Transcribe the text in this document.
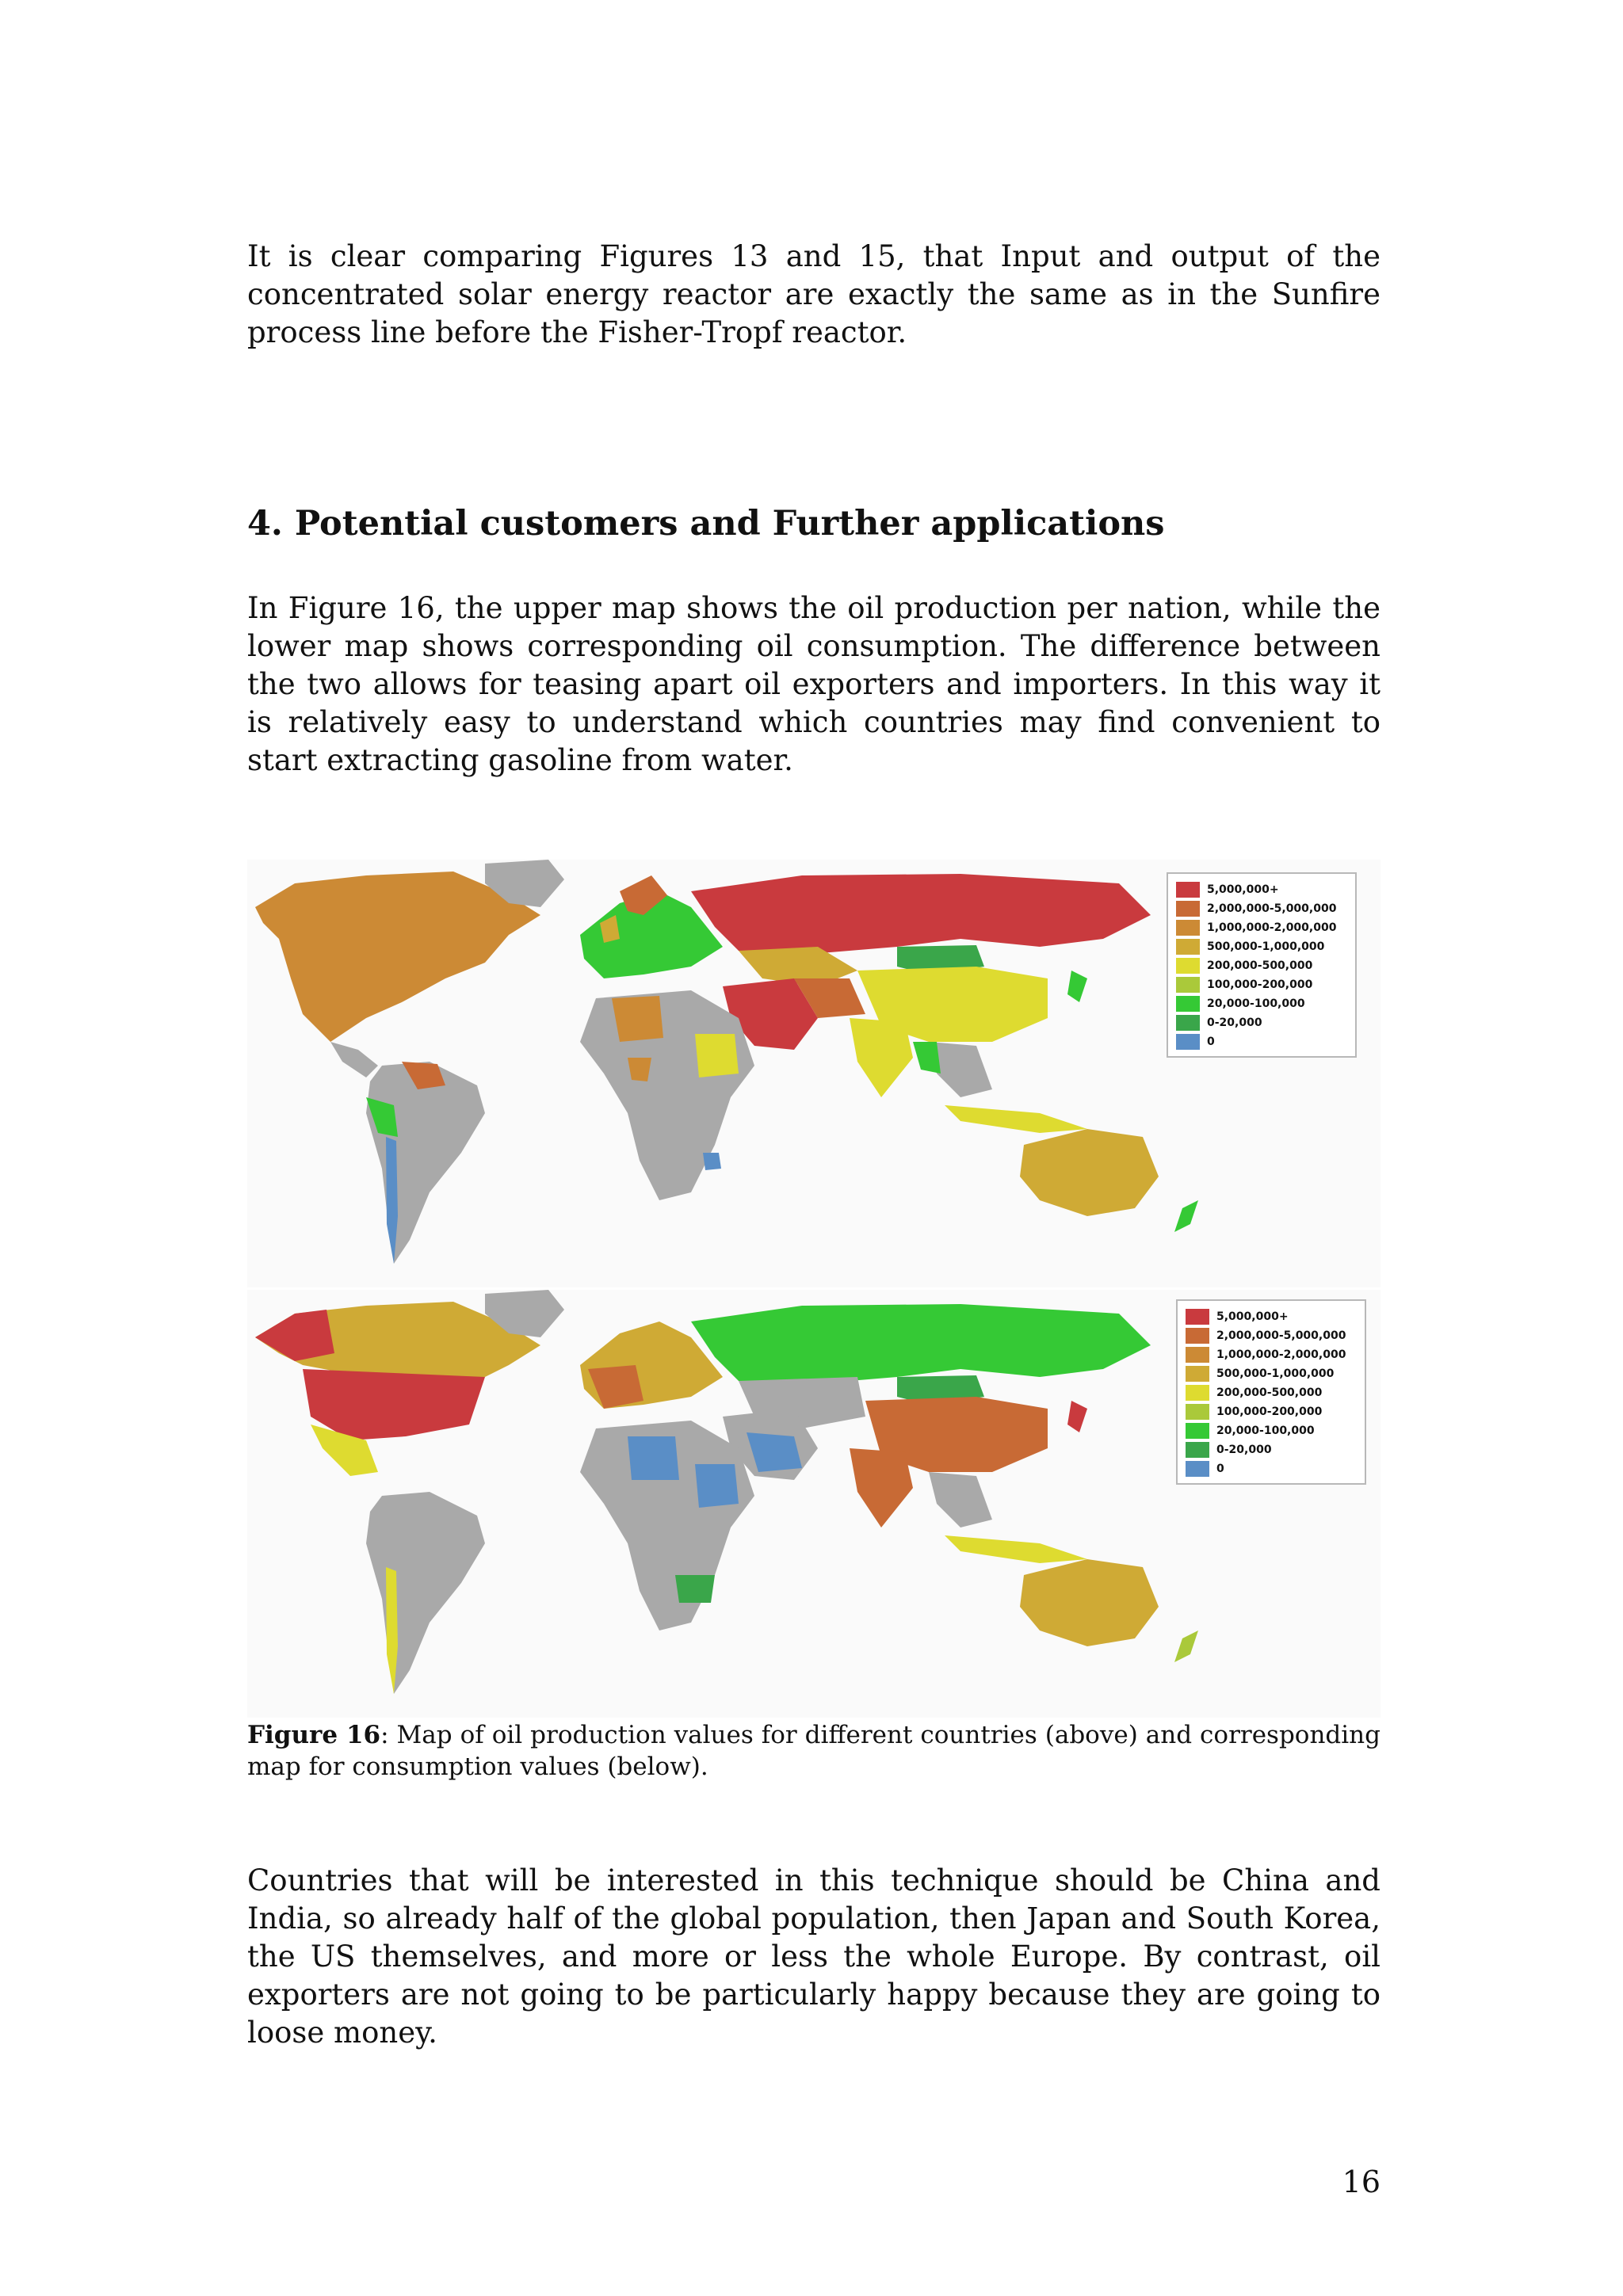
It is clear comparing Figures 13 and 15, that Input and output of the concentrated solar energy reactor are exactly the same as in the Sunfire process line before the Fisher-Tropf reactor.

4. Potential customers and Further applications

In Figure 16, the upper map shows the oil production per nation, while the lower map shows corresponding oil consumption. The difference between the two allows for teasing apart oil exporters and importers. In this way it is relatively easy to understand which countries may find convenient to start extracting gasoline from water.

5,000,000+
2,000,000-5,000,000
1,000,000-2,000,000
500,000-1,000,000
200,000-500,000
100,000-200,000
20,000-100,000
0-20,000
0
5,000,000+
2,000,000-5,000,000
1,000,000-2,000,000
500,000-1,000,000
200,000-500,000
100,000-200,000
20,000-100,000
0-20,000
0

Figure 16: Map of oil production values for different countries (above) and corresponding map for consumption values (below).

Countries that will be interested in this technique should be China and India, so already half of the global population, then Japan and South Korea, the US themselves, and more or less the whole Europe. By contrast, oil exporters are not going to be particularly happy because they are going to loose money.

16
